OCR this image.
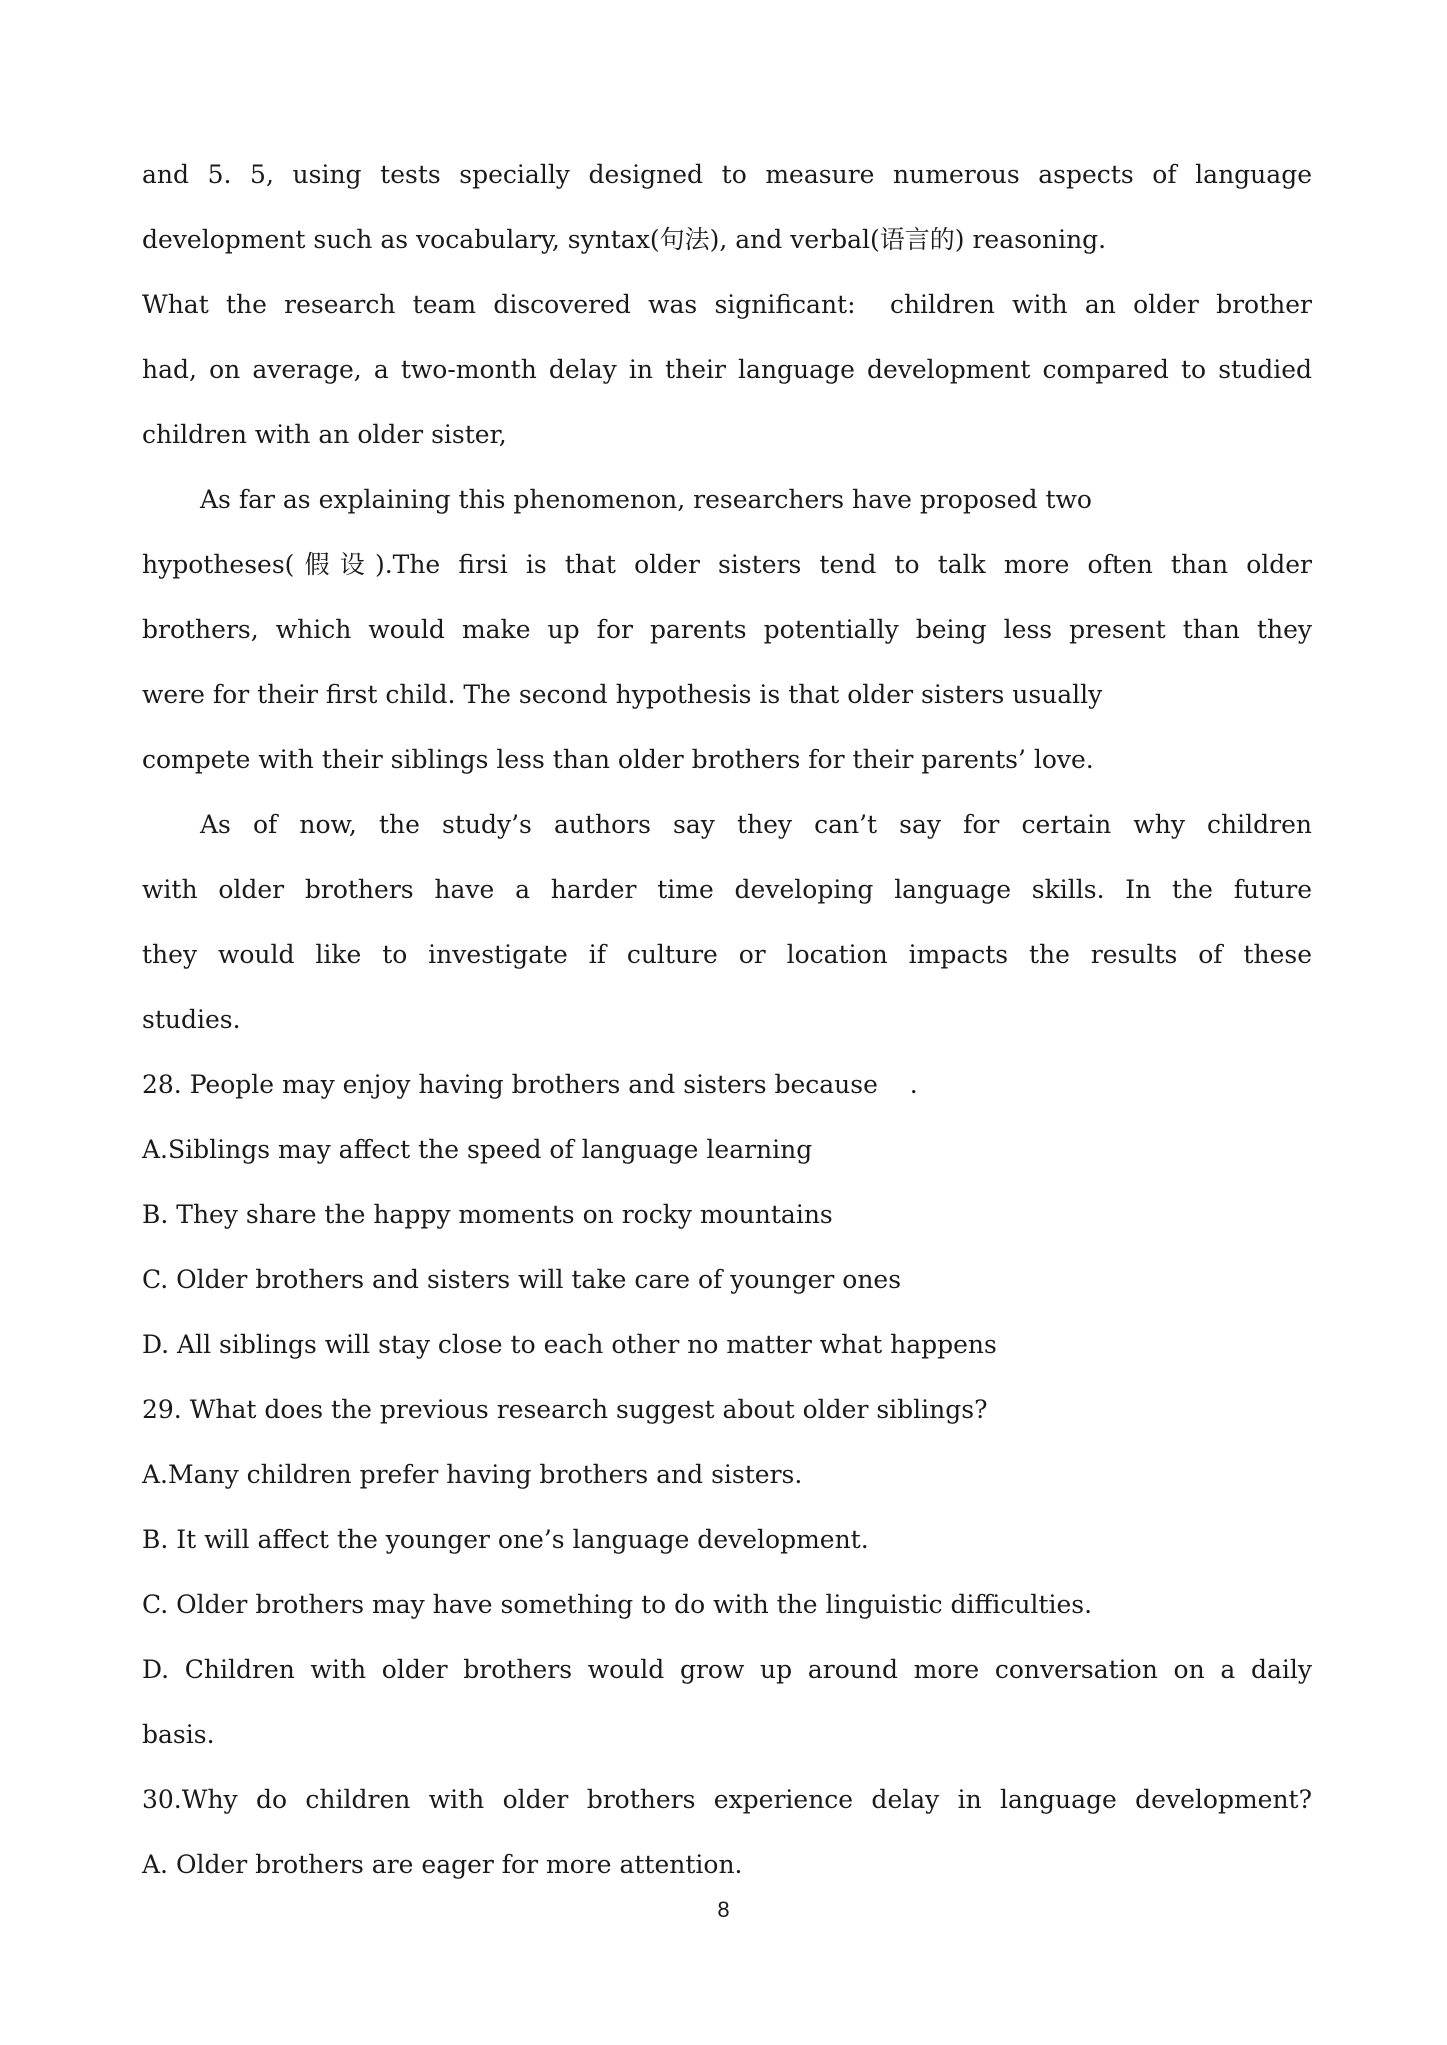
and 5. 5, using tests specially designed to measure numerous aspects of language

development such as vocabulary, syntax(句法), and verbal(语言的) reasoning.

What the research team discovered was significant:  children with an older brother

had, on average, a two-month delay in their language development compared to studied

children with an older sister,

As far as explaining this phenomenon, researchers have proposed two

hypotheses(假设).The firsi is that older sisters tend to talk more often than older

brothers, which would make up for parents potentially being less present than they

were for their first child. The second hypothesis is that older sisters usually

compete with their siblings less than older brothers for their parents’ love.

As of now, the study’s authors say they can’t say for certain why children

with older brothers have a harder time developing language skills. In the future

they would like to investigate if culture or location impacts the results of these

studies.

28. People may enjoy having brothers and sisters because    .

A.Siblings may affect the speed of language learning

B. They share the happy moments on rocky mountains

C. Older brothers and sisters will take care of younger ones

D. All siblings will stay close to each other no matter what happens

29. What does the previous research suggest about older siblings?

A.Many children prefer having brothers and sisters.

B. It will affect the younger one’s language development.

C. Older brothers may have something to do with the linguistic difficulties.

D. Children with older brothers would grow up around more conversation on a daily

basis.

30.Why do children with older brothers experience delay in language development?

A. Older brothers are eager for more attention.

8
